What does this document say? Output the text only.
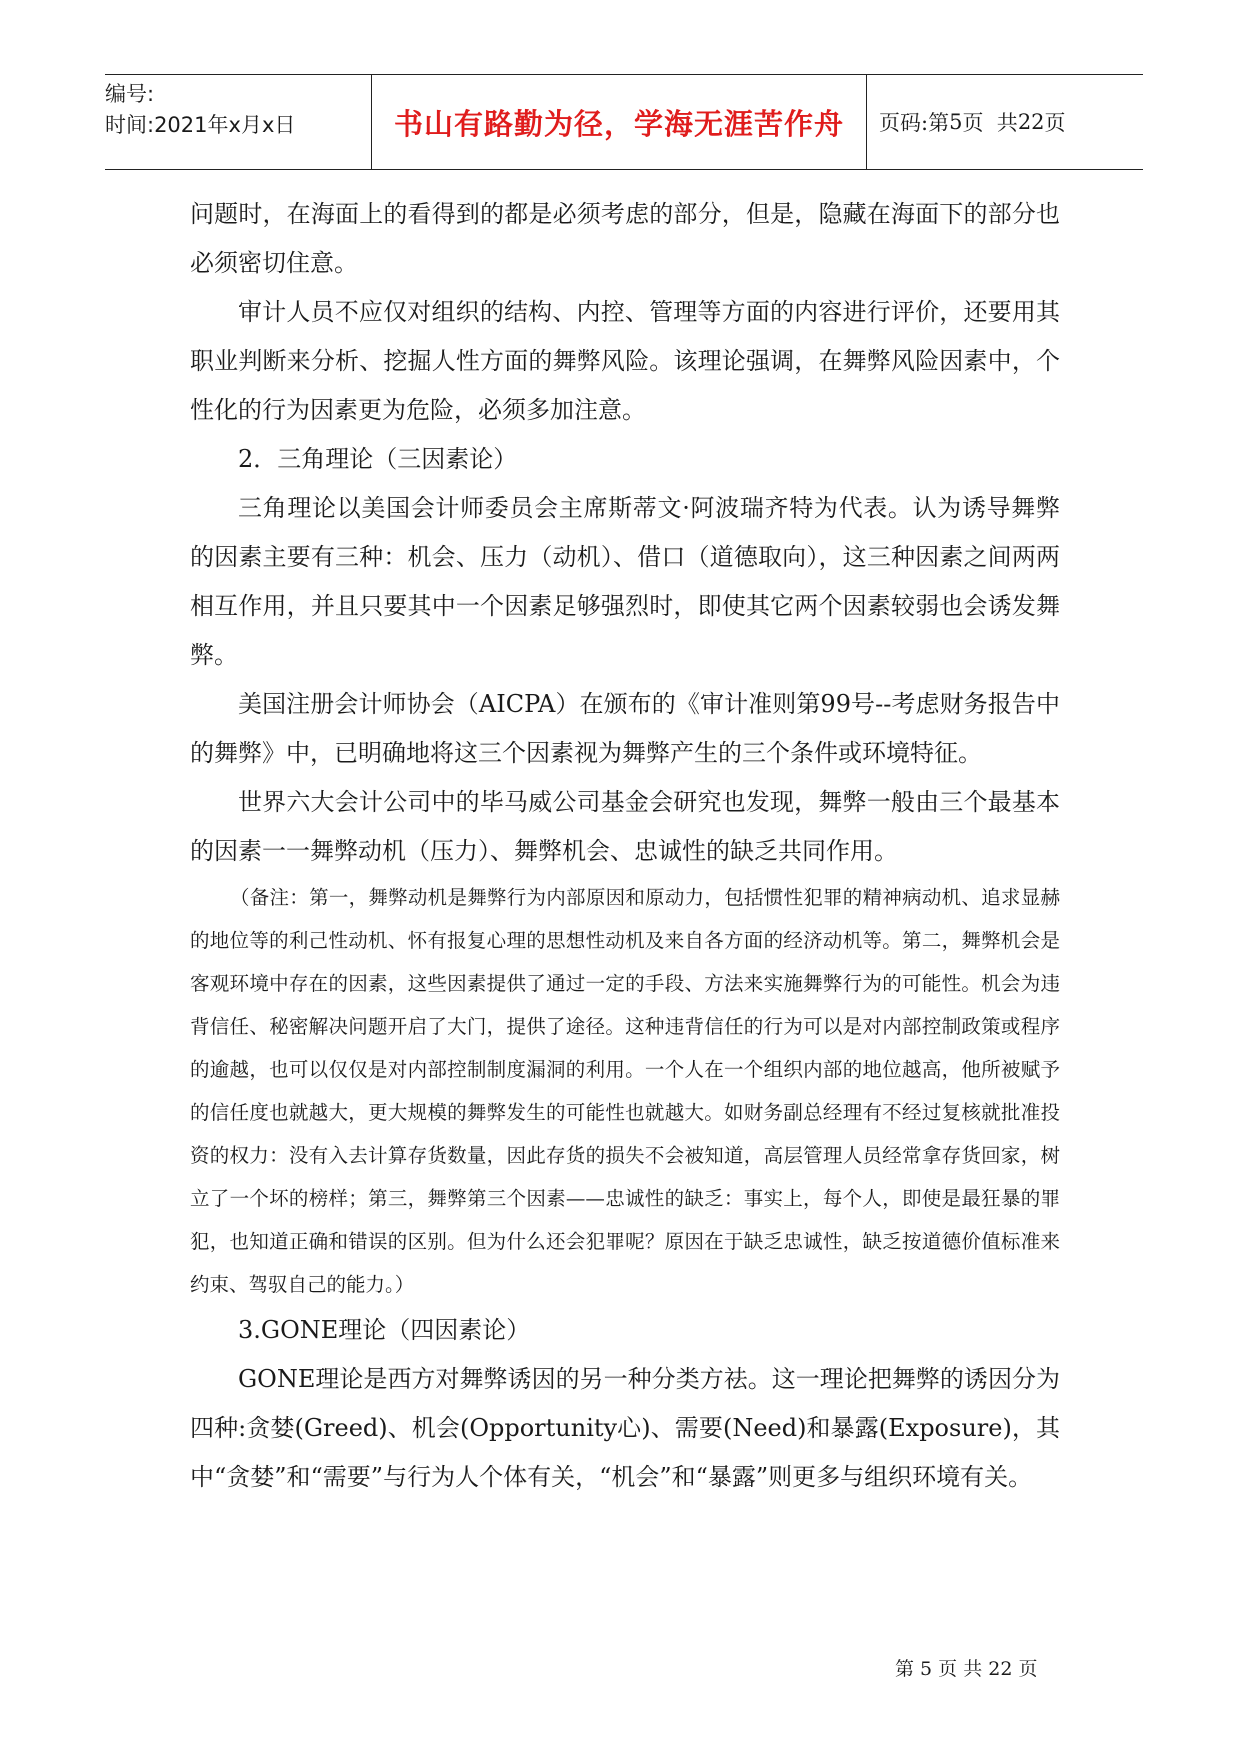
编号:
时间:2021年x月x日	书山有路勤为径，学海无涯苦作舟 页码:第 5 页  共 22 页

问题时，在海面上的看得到的都是必须考虑的部分，但是，隐藏在海面下的部分也必须密切住意。

审计人员不应仅对组织的结构、内控、管理等方面的内容进行评价，还要用其职业判断来分析、挖掘人性方面的舞弊风险。该理论强调，在舞弊风险因素中，个性化的行为因素更为危险，必须多加注意。

2．三角理论（三因素论）

三角理论以美国会计师委员会主席斯蒂文·阿波瑞齐特为代表。认为诱导舞弊的因素主要有三种：机会、压力（动机）、借口（道德取向），这三种因素之间两两相互作用，并且只要其中一个因素足够强烈时，即使其它两个因素较弱也会诱发舞弊。

美国注册会计师协会（AICPA）在颁布的《审计准则第99号--考虑财务报告中的舞弊》中，已明确地将这三个因素视为舞弊产生的三个条件或环境特征。

世界六大会计公司中的毕马威公司基金会研究也发现，舞弊一般由三个最基本的因素一一舞弊动机（压力）、舞弊机会、忠诚性的缺乏共同作用。

（备注：第一，舞弊动机是舞弊行为内部原因和原动力，包括惯性犯罪的精神病动机、追求显赫的地位等的利己性动机、怀有报复心理的思想性动机及来自各方面的经济动机等。第二，舞弊机会是客观环境中存在的因素，这些因素提供了通过一定的手段、方法来实施舞弊行为的可能性。机会为违背信任、秘密解决问题开启了大门，提供了途径。这种违背信任的行为可以是对内部控制政策或程序的逾越，也可以仅仅是对内部控制制度漏洞的利用。一个人在一个组织内部的地位越高，他所被赋予的信任度也就越大，更大规模的舞弊发生的可能性也就越大。如财务副总经理有不经过复核就批准投资的权力：没有入去计算存货数量，因此存货的损失不会被知道，高层管理人员经常拿存货回家，树立了一个坏的榜样；第三，舞弊第三个因素——忠诚性的缺乏：事实上，每个人，即使是最狂暴的罪犯，也知道正确和错误的区别。但为什么还会犯罪呢？原因在于缺乏忠诚性，缺乏按道德价值标准来约束、驾驭自己的能力。）

3.GONE理论（四因素论）

GONE理论是西方对舞弊诱因的另一种分类方祛。这一理论把舞弊的诱因分为四种:贪婪(Greed)、机会(Opportunity心)、需要(Need)和暴露(Exposure)，其中“贪婪”和“需要”与行为人个体有关，“机会”和“暴露”则更多与组织环境有关。

第 5 页 共 22 页
